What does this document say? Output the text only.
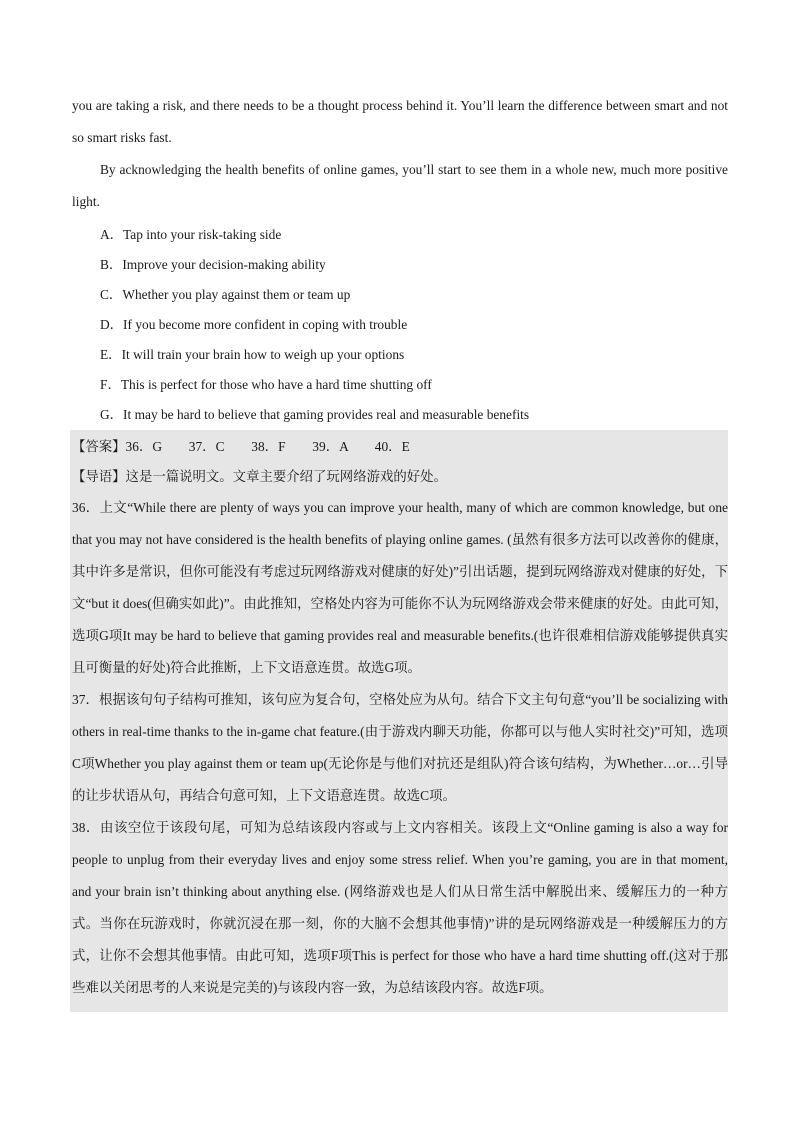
you are taking a risk, and there needs to be a thought process behind it. You’ll learn the difference between smart and not so smart risks fast.

By acknowledging the health benefits of online games, you’ll start to see them in a whole new, much more positive light.

A．Tap into your risk-taking side

B．Improve your decision-making ability

C．Whether you play against them or team up

D．If you become more confident in coping with trouble

E．It will train your brain how to weigh up your options

F．This is perfect for those who have a hard time shutting off

G．It may be hard to believe that gaming provides real and measurable benefits

【答案】36．G　　37．C　　38．F　　39．A　　40．E

【导语】这是一篇说明文。文章主要介绍了玩网络游戏的好处。

36．上文“While there are plenty of ways you can improve your health, many of which are common knowledge, but one that you may not have considered is the health benefits of playing online games. (虽然有很多方法可以改善你的健康，其中许多是常识，但你可能没有考虑过玩网络游戏对健康的好处)”引出话题，提到玩网络游戏对健康的好处，下文“but it does(但确实如此)”。由此推知，空格处内容为可能你不认为玩网络游戏会带来健康的好处。由此可知，选项G项It may be hard to believe that gaming provides real and measurable benefits.(也许很难相信游戏能够提供真实且可衡量的好处)符合此推断，上下文语意连贯。故选G项。

37．根据该句句子结构可推知，该句应为复合句，空格处应为从句。结合下文主句句意“you’ll be socializing with others in real-time thanks to the in-game chat feature.(由于游戏内聊天功能，你都可以与他人实时社交)”可知，选项C项Whether you play against them or team up(无论你是与他们对抗还是组队)符合该句结构，为Whether…or…引导的让步状语从句，再结合句意可知，上下文语意连贯。故选C项。

38．由该空位于该段句尾，可知为总结该段内容或与上文内容相关。该段上文“Online gaming is also a way for people to unplug from their everyday lives and enjoy some stress relief. When you’re gaming, you are in that moment, and your brain isn’t thinking about anything else. (网络游戏也是人们从日常生活中解脱出来、缓解压力的一种方式。当你在玩游戏时，你就沉浸在那一刻，你的大脑不会想其他事情)”讲的是玩网络游戏是一种缓解压力的方式，让你不会想其他事情。由此可知，选项F项This is perfect for those who have a hard time shutting off.(这对于那些难以关闭思考的人来说是完美的)与该段内容一致，为总结该段内容。故选F项。
